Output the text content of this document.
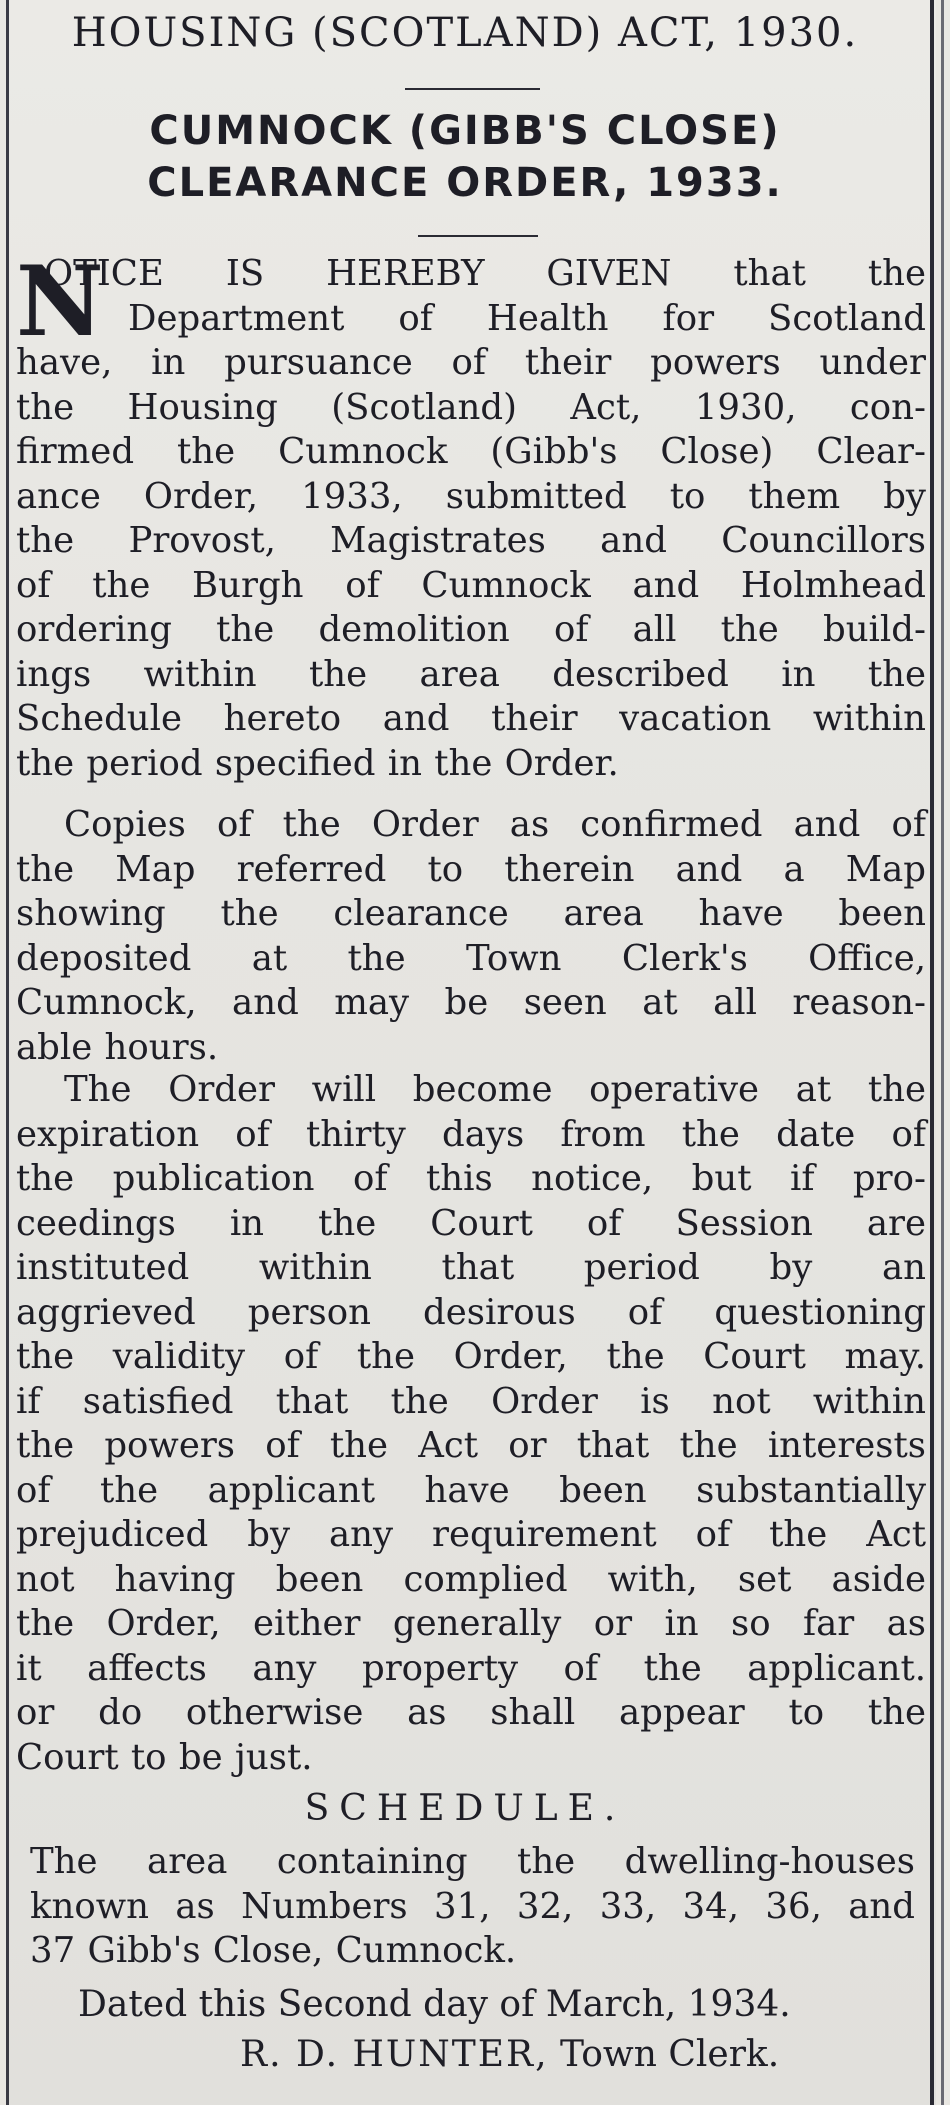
HOUSING (SCOTLAND) ACT, 1930.
CUMNOCK (GIBB'S CLOSE)
CLEARANCE ORDER, 1933.
N
OTICE IS HEREBY GIVEN that the
Department of Health for Scotland
have, in pursuance of their powers under
the Housing (Scotland) Act, 1930, con-
firmed the Cumnock (Gibb's Close) Clear-
ance Order, 1933, submitted to them by
the Provost, Magistrates and Councillors
of the Burgh of Cumnock and Holmhead
ordering the demolition of all the build-
ings within the area described in the
Schedule hereto and their vacation within
the period specified in the Order.
Copies of the Order as confirmed and of
the Map referred to therein and a Map
showing the clearance area have been
deposited at the Town Clerk's Office,
Cumnock, and may be seen at all reason-
able hours.
The Order will become operative at the
expiration of thirty days from the date of
the publication of this notice, but if pro-
ceedings in the Court of Session are
instituted within that period by an
aggrieved person desirous of questioning
the validity of the Order, the Court may.
if satisfied that the Order is not within
the powers of the Act or that the interests
of the applicant have been substantially
prejudiced by any requirement of the Act
not having been complied with, set aside
the Order, either generally or in so far as
it affects any property of the applicant.
or do otherwise as shall appear to the
Court to be just.
SCHEDULE.
The area containing the dwelling-houses
known as Numbers 31, 32, 33, 34, 36, and
37 Gibb's Close, Cumnock.
Dated this Second day of March, 1934.
R. D. HUNTER, Town Clerk.
